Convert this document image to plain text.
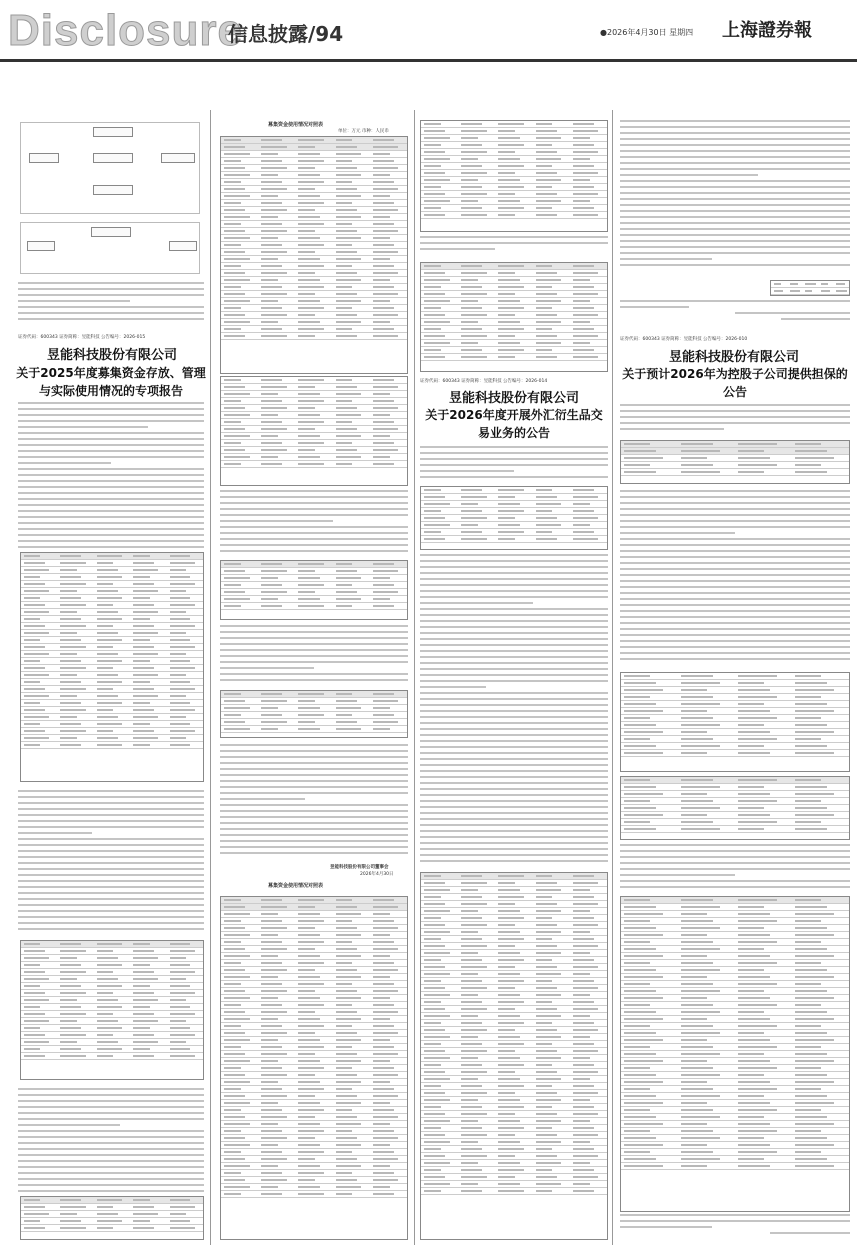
Disclosure
信息披露/94	●2026年4月30日 星期四 上海證券報
证券代码：600343 证券简称：昱能科技 公告编号：2026-015
昱能科技股份有限公司
关于2025年度募集资金存放、管理与实际使用情况的专项报告
募集资金使用情况对照表
单位：万元 币种：人民币
昱能科技股份有限公司董事会
2026年4月30日
募集资金使用情况对照表
证券代码：600343 证券简称：昱能科技 公告编号：2026-014
昱能科技股份有限公司
关于2026年度开展外汇衍生品交易业务的公告
证券代码：600343 证券简称：昱能科技 公告编号：2026-010
昱能科技股份有限公司
关于预计2026年为控股子公司提供担保的公告
